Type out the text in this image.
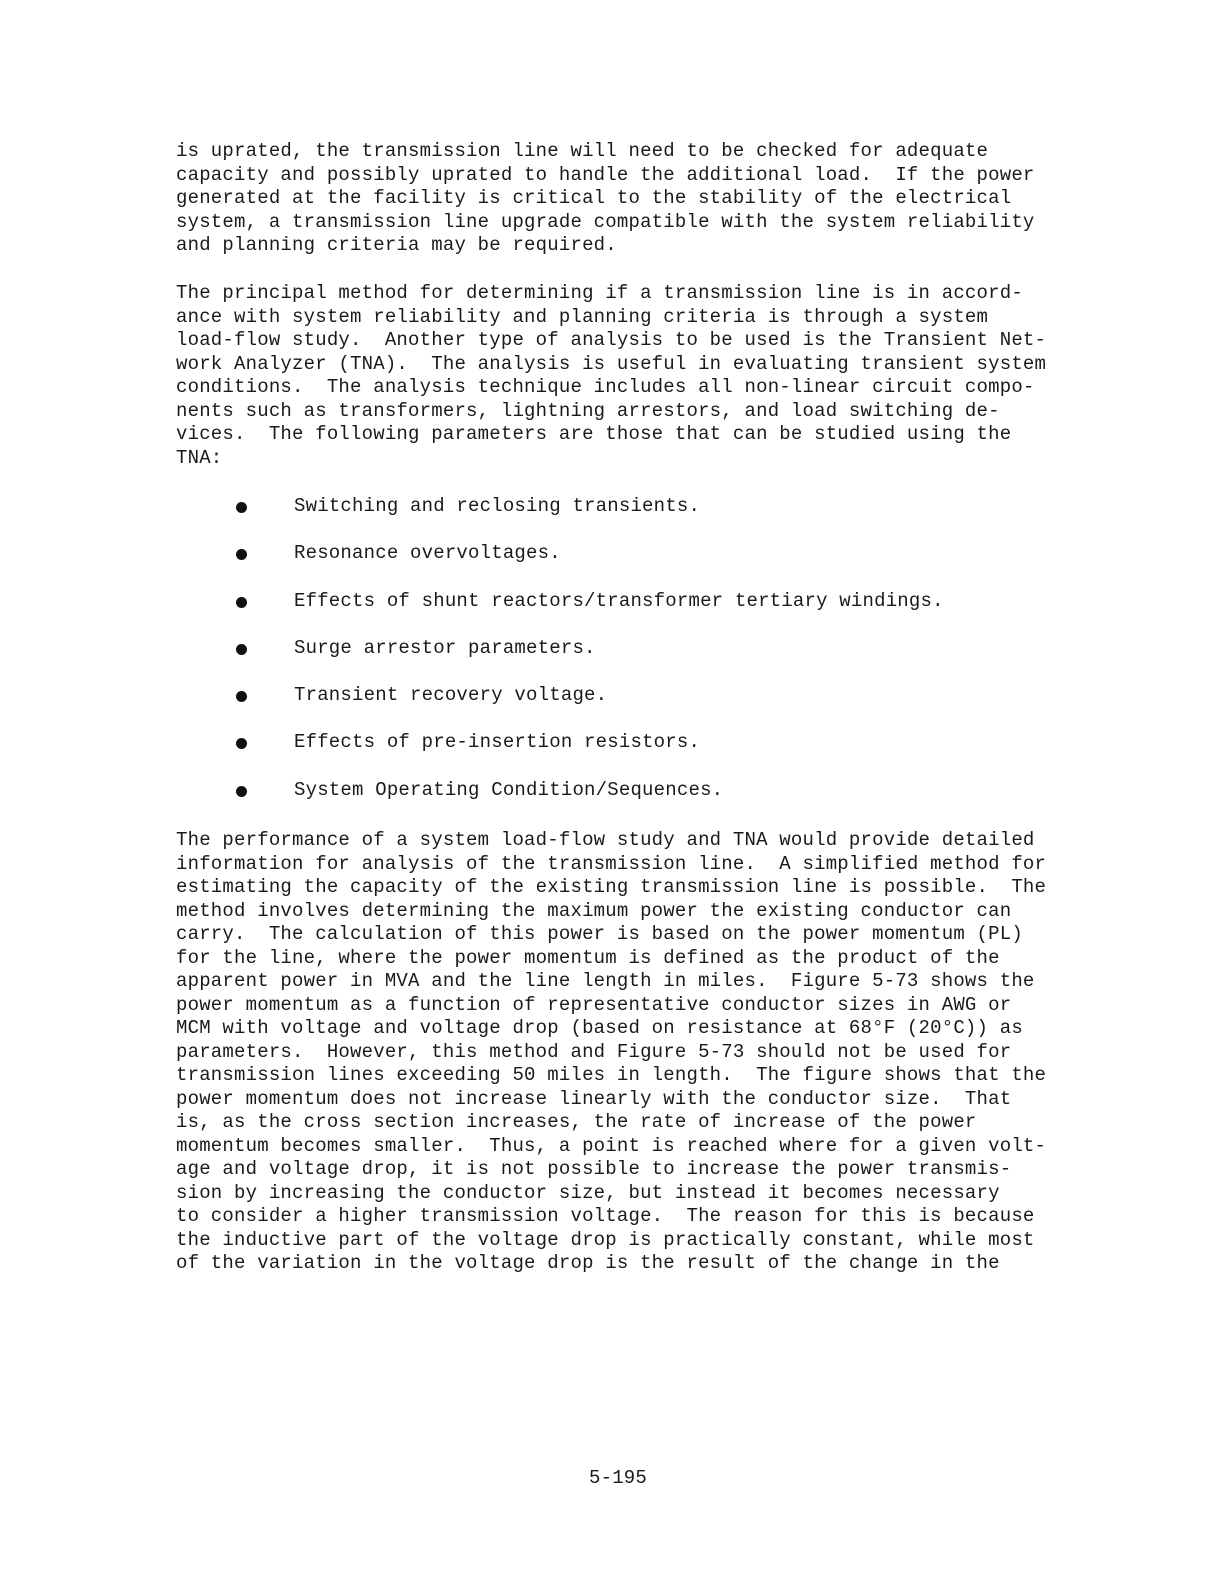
is uprated, the transmission line will need to be checked for adequate
capacity and possibly uprated to handle the additional load.  If the power
generated at the facility is critical to the stability of the electrical
system, a transmission line upgrade compatible with the system reliability
and planning criteria may be required.
The principal method for determining if a transmission line is in accord-
ance with system reliability and planning criteria is through a system
load-flow study.  Another type of analysis to be used is the Transient Net-
work Analyzer (TNA).  The analysis is useful in evaluating transient system
conditions.  The analysis technique includes all non-linear circuit compo-
nents such as transformers, lightning arrestors, and load switching de-
vices.  The following parameters are those that can be studied using the
TNA:
Switching and reclosing transients.
Resonance overvoltages.
Effects of shunt reactors/transformer tertiary windings.
Surge arrestor parameters.
Transient recovery voltage.
Effects of pre-insertion resistors.
System Operating Condition/Sequences.
The performance of a system load-flow study and TNA would provide detailed
information for analysis of the transmission line.  A simplified method for
estimating the capacity of the existing transmission line is possible.  The
method involves determining the maximum power the existing conductor can
carry.  The calculation of this power is based on the power momentum (PL)
for the line, where the power momentum is defined as the product of the
apparent power in MVA and the line length in miles.  Figure 5-73 shows the
power momentum as a function of representative conductor sizes in AWG or
MCM with voltage and voltage drop (based on resistance at 68°F (20°C)) as
parameters.  However, this method and Figure 5-73 should not be used for
transmission lines exceeding 50 miles in length.  The figure shows that the
power momentum does not increase linearly with the conductor size.  That
is, as the cross section increases, the rate of increase of the power
momentum becomes smaller.  Thus, a point is reached where for a given volt-
age and voltage drop, it is not possible to increase the power transmis-
sion by increasing the conductor size, but instead it becomes necessary
to consider a higher transmission voltage.  The reason for this is because
the inductive part of the voltage drop is practically constant, while most
of the variation in the voltage drop is the result of the change in the
5-195
